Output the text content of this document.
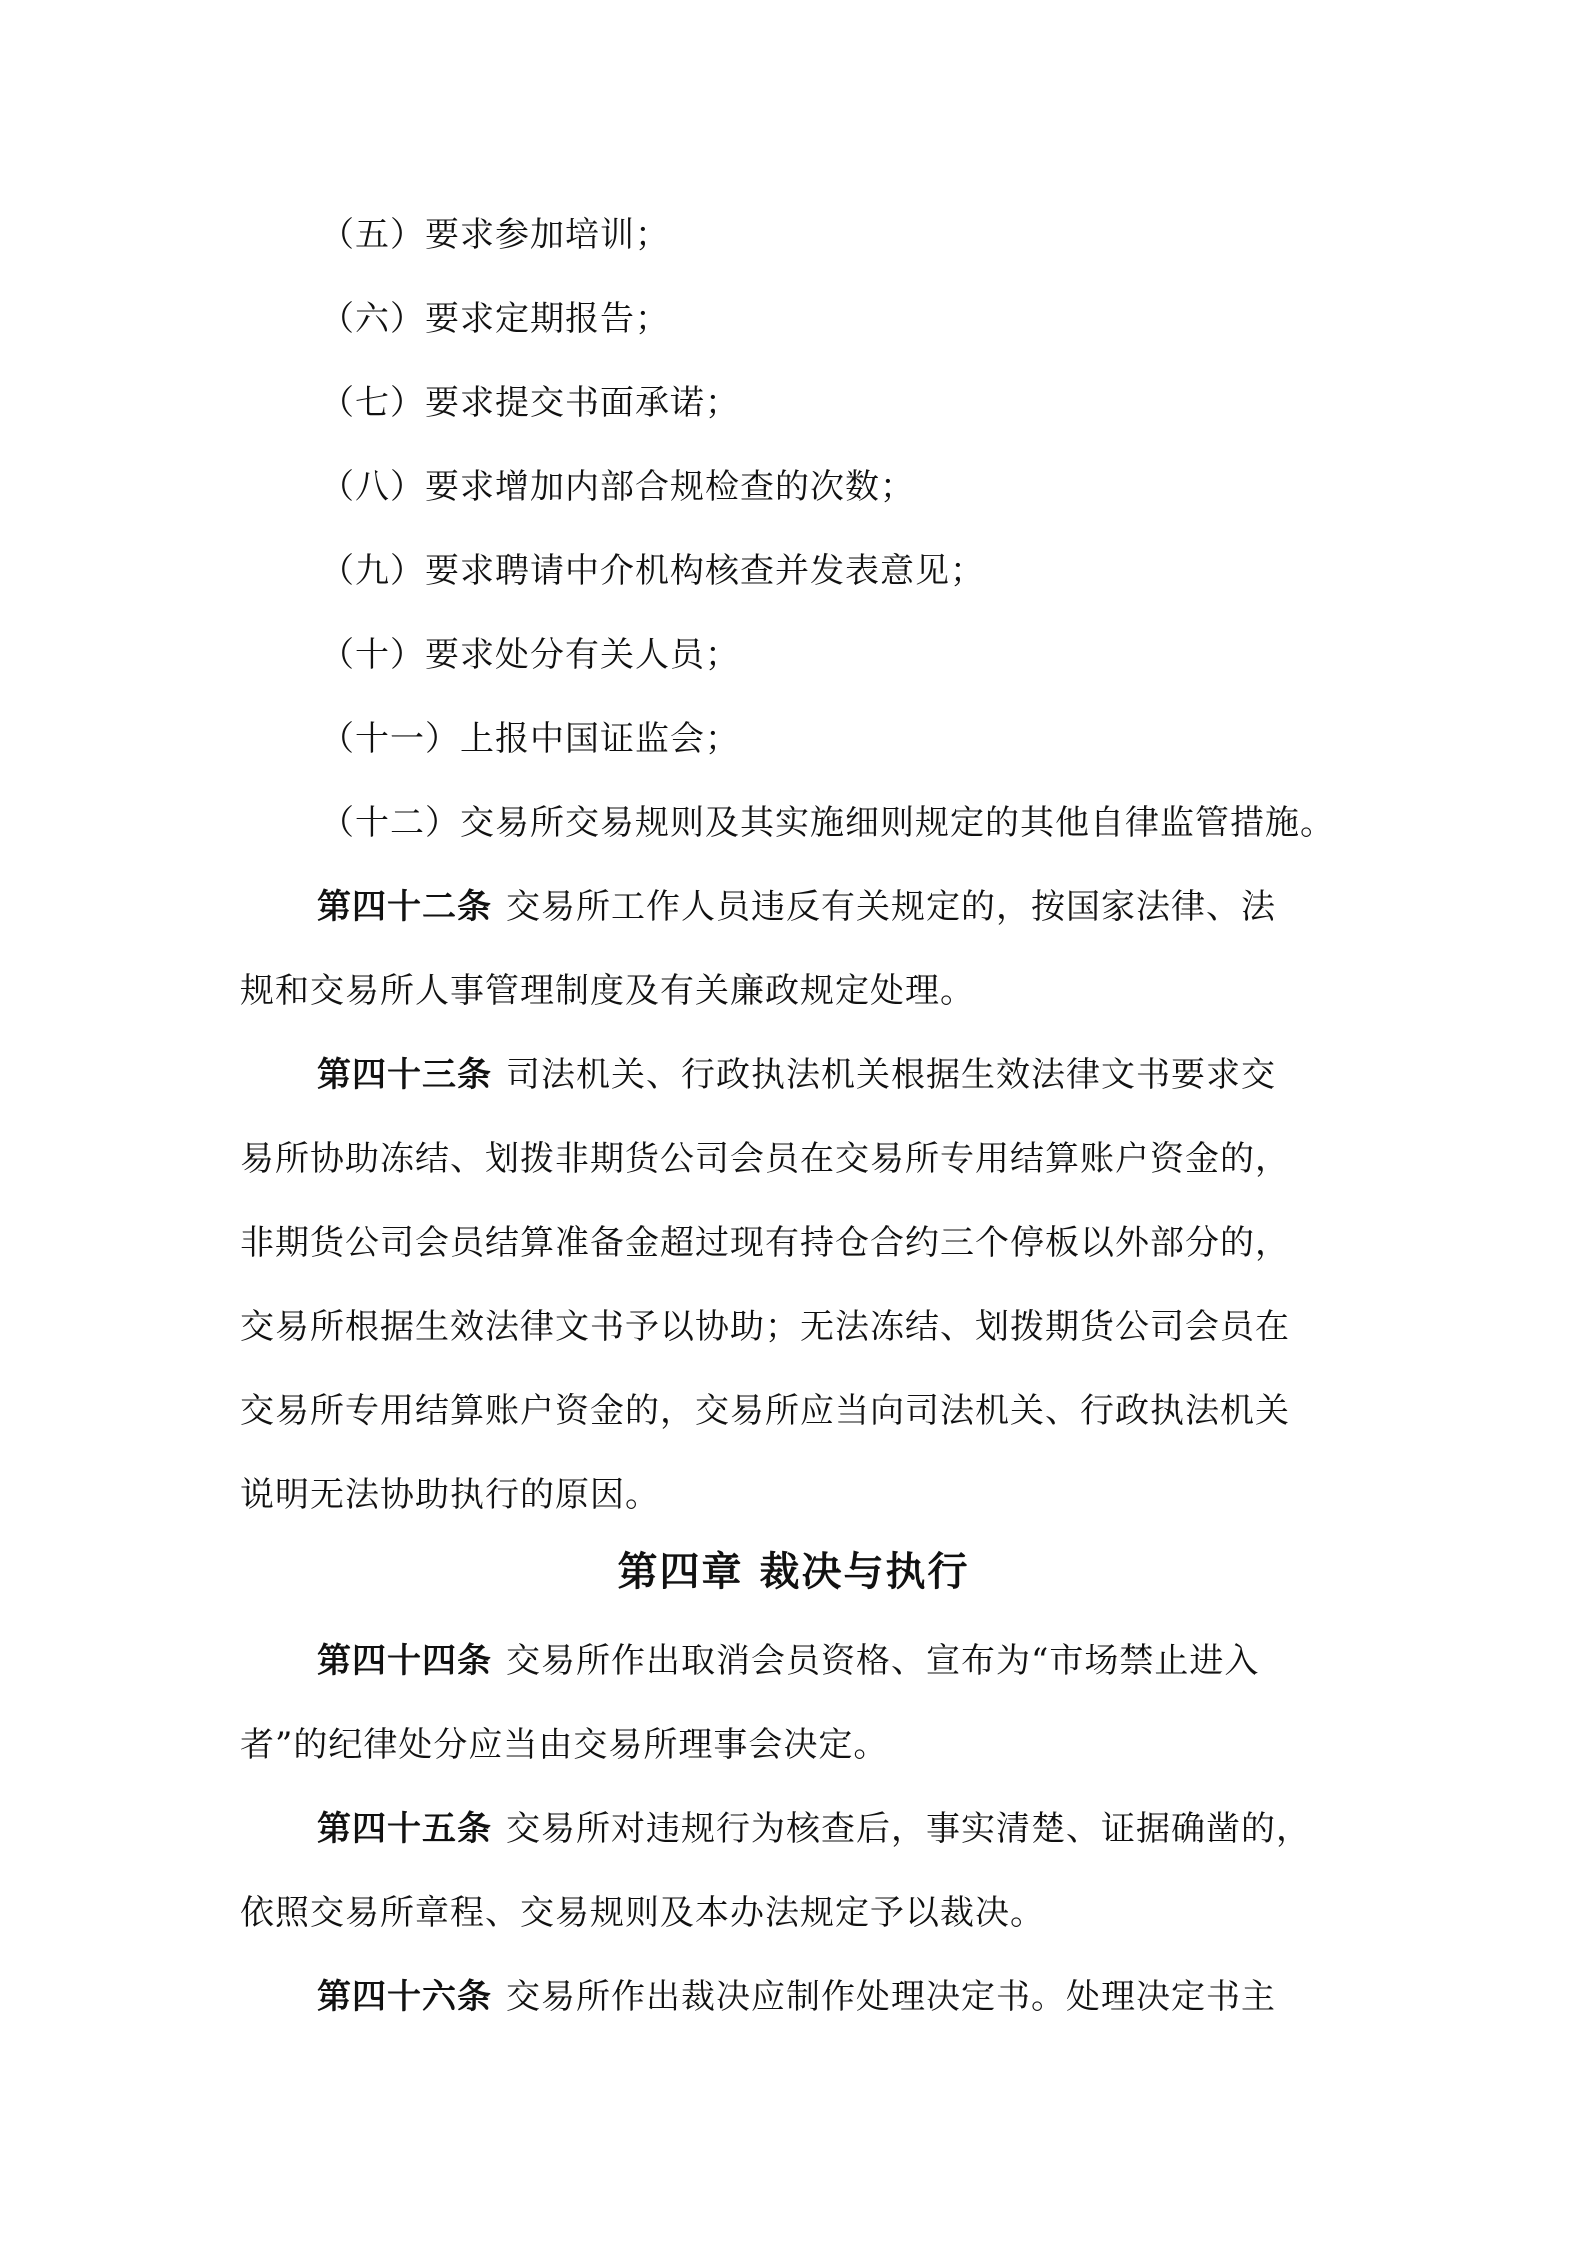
（五）要求参加培训；
（六）要求定期报告；
（七）要求提交书面承诺；
（八）要求增加内部合规检查的次数；
（九）要求聘请中介机构核查并发表意见；
（十）要求处分有关人员；
（十一）上报中国证监会；
（十二）交易所交易规则及其实施细则规定的其他自律监管措施。
第四十二条 交易所工作人员违反有关规定的，按国家法律、法
规和交易所人事管理制度及有关廉政规定处理。
第四十三条 司法机关、行政执法机关根据生效法律文书要求交
易所协助冻结、划拨非期货公司会员在交易所专用结算账户资金的，
非期货公司会员结算准备金超过现有持仓合约三个停板以外部分的，
交易所根据生效法律文书予以协助；无法冻结、划拨期货公司会员在
交易所专用结算账户资金的，交易所应当向司法机关、行政执法机关
说明无法协助执行的原因。
第四章 裁决与执行
第四十四条 交易所作出取消会员资格、宣布为“市场禁止进入
者”的纪律处分应当由交易所理事会决定。
第四十五条 交易所对违规行为核查后，事实清楚、证据确凿的，
依照交易所章程、交易规则及本办法规定予以裁决。
第四十六条 交易所作出裁决应制作处理决定书。处理决定书主
